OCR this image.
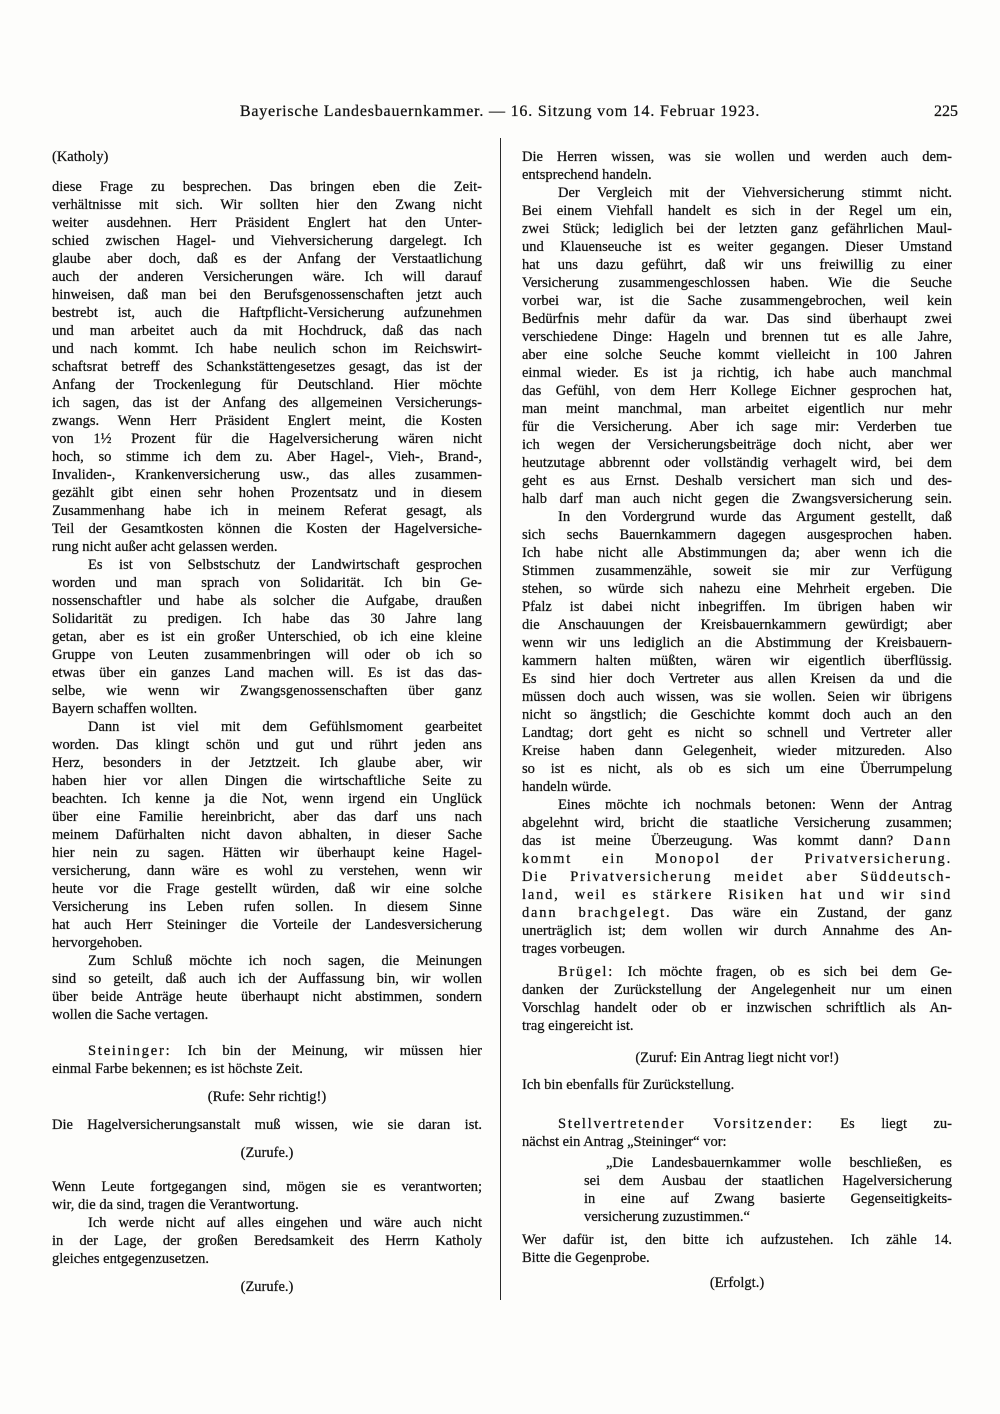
Bayerische Landesbauernkammer. — 16. Sitzung vom 14. Februar 1923.	225
(Katholy)
diese Frage zu besprechen. Das bringen eben die Zeit-
verhältnisse mit sich. Wir sollten hier den Zwang nicht
weiter ausdehnen. Herr Präsident Englert hat den Unter-
schied zwischen Hagel- und Viehversicherung dargelegt. Ich
glaube aber doch, daß es der Anfang der Verstaatlichung
auch der anderen Versicherungen wäre. Ich will darauf
hinweisen, daß man bei den Berufsgenossenschaften jetzt auch
bestrebt ist, auch die Haftpflicht-Versicherung aufzunehmen
und man arbeitet auch da mit Hochdruck, daß das nach
und nach kommt. Ich habe neulich schon im Reichswirt-
schaftsrat betreff des Schankstättengesetzes gesagt, das ist der
Anfang der Trockenlegung für Deutschland. Hier möchte
ich sagen, das ist der Anfang des allgemeinen Versicherungs-
zwangs. Wenn Herr Präsident Englert meint, die Kosten
von 1½ Prozent für die Hagelversicherung wären nicht
hoch, so stimme ich dem zu. Aber Hagel-, Vieh-, Brand-,
Invaliden-, Krankenversicherung usw., das alles zusammen-
gezählt gibt einen sehr hohen Prozentsatz und in diesem
Zusammenhang habe ich in meinem Referat gesagt, als
Teil der Gesamtkosten können die Kosten der Hagelversiche-
rung nicht außer acht gelassen werden.
Es ist von Selbstschutz der Landwirtschaft gesprochen
worden und man sprach von Solidarität. Ich bin Ge-
nossenschaftler und habe als solcher die Aufgabe, draußen
Solidarität zu predigen. Ich habe das 30 Jahre lang
getan, aber es ist ein großer Unterschied, ob ich eine kleine
Gruppe von Leuten zusammenbringen will oder ob ich so
etwas über ein ganzes Land machen will. Es ist das das-
selbe, wie wenn wir Zwangsgenossenschaften über ganz
Bayern schaffen wollten.
Dann ist viel mit dem Gefühlsmoment gearbeitet
worden. Das klingt schön und gut und rührt jeden ans
Herz, besonders in der Jetztzeit. Ich glaube aber, wir
haben hier vor allen Dingen die wirtschaftliche Seite zu
beachten. Ich kenne ja die Not, wenn irgend ein Unglück
über eine Familie hereinbricht, aber das darf uns nach
meinem Dafürhalten nicht davon abhalten, in dieser Sache
hier nein zu sagen. Hätten wir überhaupt keine Hagel-
versicherung, dann wäre es wohl zu verstehen, wenn wir
heute vor die Frage gestellt würden, daß wir eine solche
Versicherung ins Leben rufen sollen. In diesem Sinne
hat auch Herr Steininger die Vorteile der Landesversicherung
hervorgehoben.
Zum Schluß möchte ich noch sagen, die Meinungen
sind so geteilt, daß auch ich der Auffassung bin, wir wollen
über beide Anträge heute überhaupt nicht abstimmen, sondern
wollen die Sache vertagen.
Steininger: Ich bin der Meinung, wir müssen hier
einmal Farbe bekennen; es ist höchste Zeit.
(Rufe: Sehr richtig!)
Die Hagelversicherungsanstalt muß wissen, wie sie daran ist.
(Zurufe.)
Wenn Leute fortgegangen sind, mögen sie es verantworten;
wir, die da sind, tragen die Verantwortung.
Ich werde nicht auf alles eingehen und wäre auch nicht
in der Lage, der großen Beredsamkeit des Herrn Katholy
gleiches entgegenzusetzen.
(Zurufe.)
Die Herren wissen, was sie wollen und werden auch dem-
entsprechend handeln.
Der Vergleich mit der Viehversicherung stimmt nicht.
Bei einem Viehfall handelt es sich in der Regel um ein,
zwei Stück; lediglich bei der letzten ganz gefährlichen Maul-
und Klauenseuche ist es weiter gegangen. Dieser Umstand
hat uns dazu geführt, daß wir uns freiwillig zu einer
Versicherung zusammengeschlossen haben. Wie die Seuche
vorbei war, ist die Sache zusammengebrochen, weil kein
Bedürfnis mehr dafür da war. Das sind überhaupt zwei
verschiedene Dinge: Hageln und brennen tut es alle Jahre,
aber eine solche Seuche kommt vielleicht in 100 Jahren
einmal wieder. Es ist ja richtig, ich habe auch manchmal
das Gefühl, von dem Herr Kollege Eichner gesprochen hat,
man meint manchmal, man arbeitet eigentlich nur mehr
für die Versicherung. Aber ich sage mir: Verderben tue
ich wegen der Versicherungsbeiträge doch nicht, aber wer
heutzutage abbrennt oder vollständig verhagelt wird, bei dem
geht es aus Ernst. Deshalb versichert man sich und des-
halb darf man auch nicht gegen die Zwangsversicherung sein.
In den Vordergrund wurde das Argument gestellt, daß
sich sechs Bauernkammern dagegen ausgesprochen haben.
Ich habe nicht alle Abstimmungen da; aber wenn ich die
Stimmen zusammenzähle, soweit sie mir zur Verfügung
stehen, so würde sich nahezu eine Mehrheit ergeben. Die
Pfalz ist dabei nicht inbegriffen. Im übrigen haben wir
die Anschauungen der Kreisbauernkammern gewürdigt; aber
wenn wir uns lediglich an die Abstimmung der Kreisbauern-
kammern halten müßten, wären wir eigentlich überflüssig.
Es sind hier doch Vertreter aus allen Kreisen da und die
müssen doch auch wissen, was sie wollen. Seien wir übrigens
nicht so ängstlich; die Geschichte kommt doch auch an den
Landtag; dort geht es nicht so schnell und Vertreter aller
Kreise haben dann Gelegenheit, wieder mitzureden. Also
so ist es nicht, als ob es sich um eine Überrumpelung
handeln würde.
Eines möchte ich nochmals betonen: Wenn der Antrag
abgelehnt wird, bricht die staatliche Versicherung zusammen;
das ist meine Überzeugung. Was kommt dann? Dann
kommt ein Monopol der Privatversicherung.
Die Privatversicherung meidet aber Süddeutsch-
land, weil es stärkere Risiken hat und wir sind
dann brachgelegt. Das wäre ein Zustand, der ganz
unerträglich ist; dem wollen wir durch Annahme des An-
trages vorbeugen.
Brügel: Ich möchte fragen, ob es sich bei dem Ge-
danken der Zurückstellung der Angelegenheit nur um einen
Vorschlag handelt oder ob er inzwischen schriftlich als An-
trag eingereicht ist.
(Zuruf: Ein Antrag liegt nicht vor!)
Ich bin ebenfalls für Zurückstellung.
Stellvertretender Vorsitzender: Es liegt zu-
nächst ein Antrag „Steininger“ vor:
„Die Landesbauernkammer wolle beschließen, es
sei dem Ausbau der staatlichen Hagelversicherung
in eine auf Zwang basierte Gegenseitigkeits-
versicherung zuzustimmen.“
Wer dafür ist, den bitte ich aufzustehen. Ich zähle 14.
Bitte die Gegenprobe.
(Erfolgt.)
